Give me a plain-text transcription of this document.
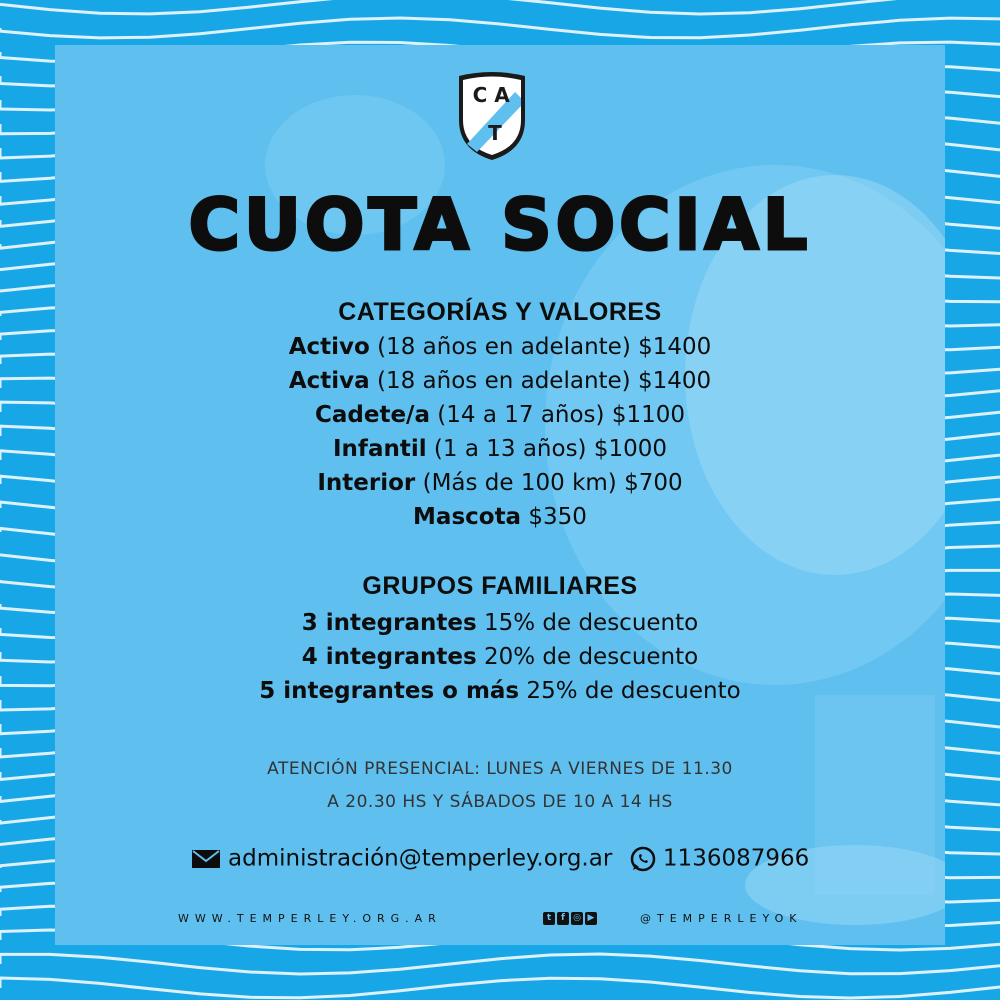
C A
T
CUOTA SOCIAL
CATEGORÍAS Y VALORES
Activo (18 años en adelante) $1400
Activa (18 años en adelante) $1400
Cadete/a (14 a 17 años) $1100
Infantil (1 a 13 años) $1000
Interior (Más de 100 km) $700
Mascota $350
GRUPOS FAMILIARES
3 integrantes 15% de descuento
4 integrantes 20% de descuento
5 integrantes o más 25% de descuento
ATENCIÓN PRESENCIAL: LUNES A VIERNES DE 11.30
A 20.30 HS Y SÁBADOS DE 10 A 14 HS
administración@temperley.org.ar 1136087966
WWW.TEMPERLEY.ORG.AR	t f ◎ ▶	@TEMPERLEYOK
